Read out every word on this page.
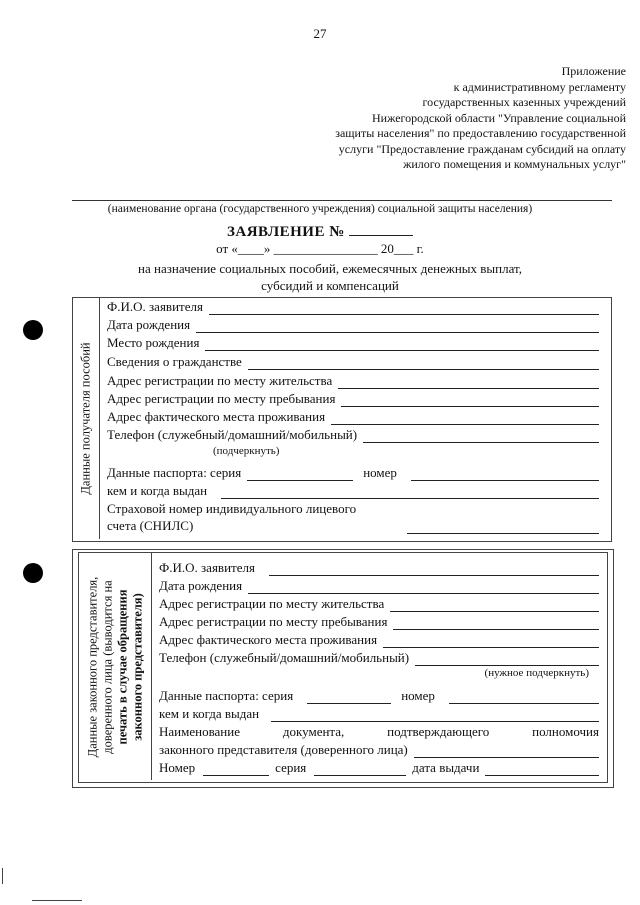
27
Приложение
к административному регламенту
государственных казенных учреждений
Нижегородской области "Управление социальной
защиты населения" по предоставлению государственной
услуги "Предоставление гражданам субсидий на оплату
жилого помещения и коммунальных услуг"
(наименование органа (государственного учреждения) социальной защиты населения)
ЗАЯВЛЕНИЕ №
от «____» ________________ 20___ г.
на назначение социальных пособий, ежемесячных денежных выплат,
субсидий и компенсаций
Данные получателя пособий
Ф.И.О. заявителя
Дата рождения
Место рождения
Сведения о гражданстве
Адрес регистрации по месту жительства
Адрес регистрации по месту пребывания
Адрес фактического места проживания
Телефон (служебный/домашний/мобильный)
(подчеркнуть)
Данные паспорта: серия	номер
кем и когда выдан
Страховой номер индивидуального лицевого
счета (СНИЛС)
Данные законного представителя, доверенного лица (выводится на печать в случае обращения законного представителя)
Ф.И.О. заявителя
Дата рождения
Адрес регистрации по месту жительства
Адрес регистрации по месту пребывания
Адрес фактического места проживания
Телефон (служебный/домашний/мобильный)
(нужное подчеркнуть)
Данные паспорта: серия	номер
кем и когда выдан
Наименование	документа,	подтверждающего	полномочия
законного представителя (доверенного лица)
Номер	серия	дата выдачи
